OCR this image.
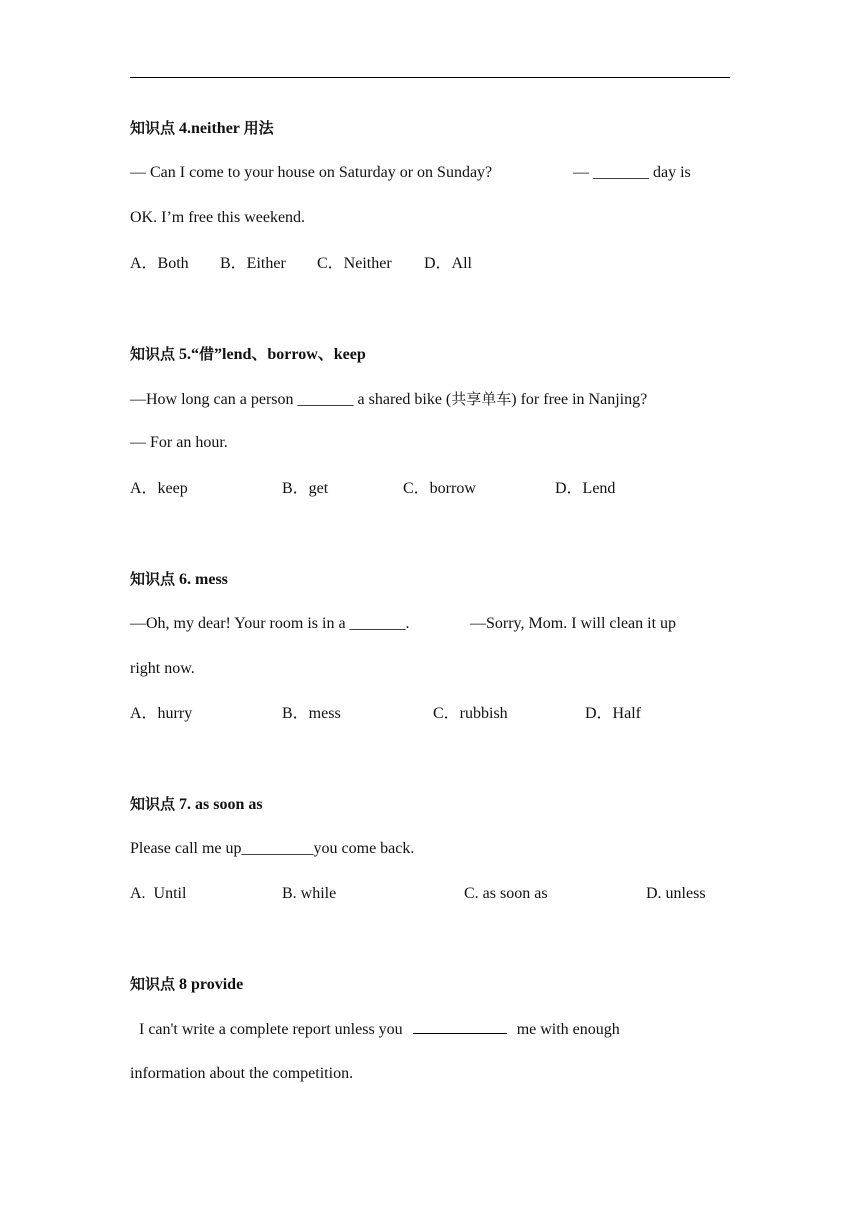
知识点 4.neither 用法
— Can I come to your house on Saturday or on Sunday?	— _______ day is
OK. I’m free this weekend.
A．Both B．Either C．Neither D．All
知识点 5.“借”lend、borrow、keep
—How long can a person _______ a shared bike (共享单车) for free in Nanjing?
— For an hour.
A．keep	B．get	C．borrow	D．Lend
知识点 6. mess
—Oh, my dear! Your room is in a _______.	—Sorry, Mom. I will clean it up
right now.
A．hurry	B．mess	C．rubbish	D．Half
知识点 7. as soon as
Please call me up_________you come back.
A.  Until	B. while	C. as soon as	D. unless
知识点 8 provide
I can't write a complete report unless you	me with enough
information about the competition.
